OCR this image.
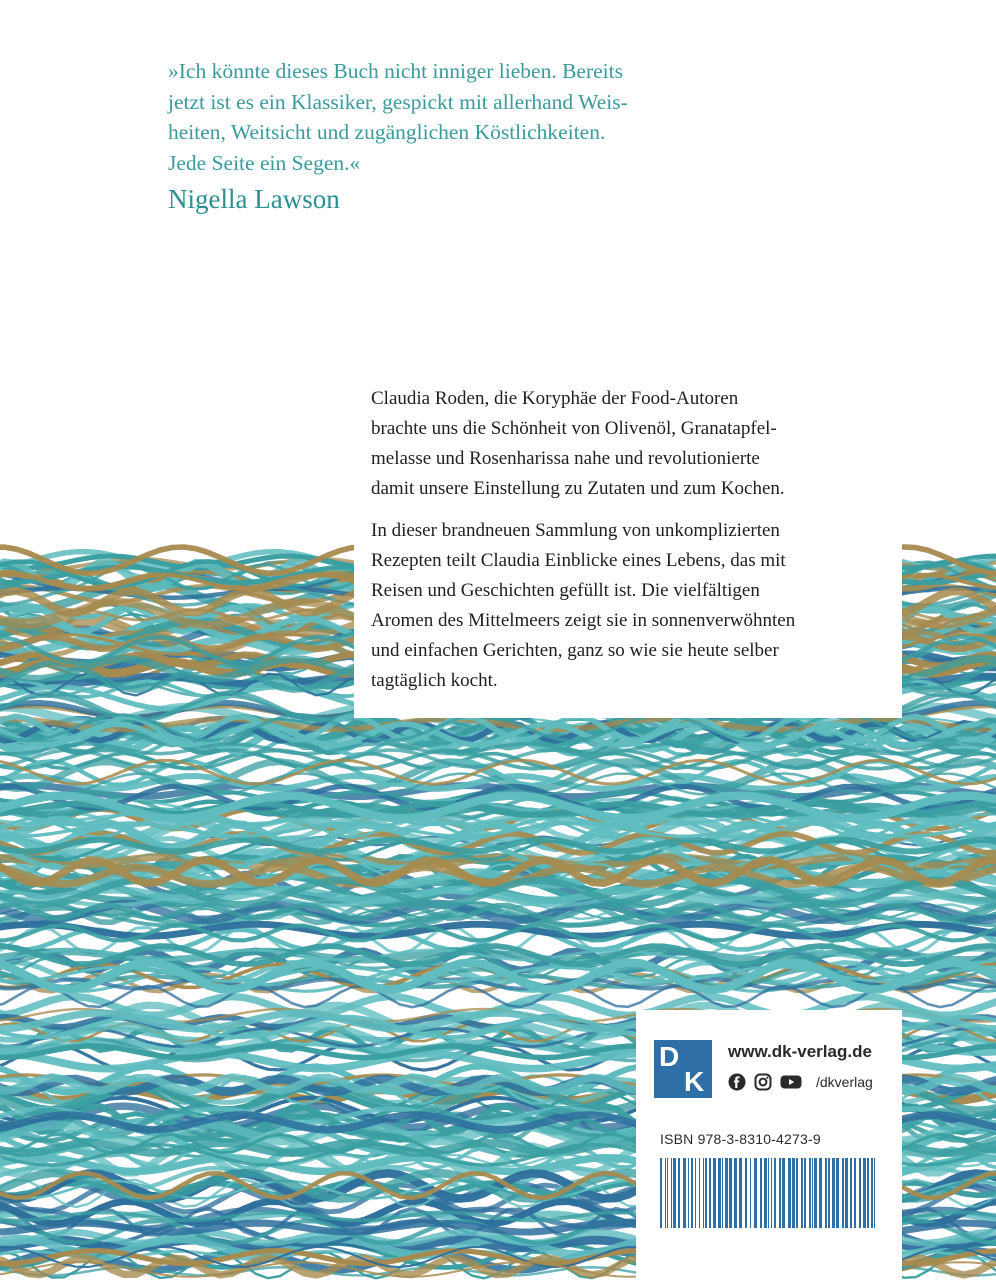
»Ich könnte dieses Buch nicht inniger lieben. Bereits
jetzt ist es ein Klassiker, gespickt mit allerhand Weis-
heiten, Weitsicht und zugänglichen Köstlichkeiten.
Jede Seite ein Segen.«
Nigella Lawson
Claudia Roden, die Koryphäe der Food-Autoren
brachte uns die Schönheit von Olivenöl, Granatapfel-
melasse und Rosenharissa nahe und revolutionierte
damit unsere Einstellung zu Zutaten und zum Kochen.
In dieser brandneuen Sammlung von unkomplizierten
Rezepten teilt Claudia Einblicke eines Lebens, das mit
Reisen und Geschichten gefüllt ist. Die vielfältigen
Aromen des Mittelmeers zeigt sie in sonnenverwöhnten
und einfachen Gerichten, ganz so wie sie heute selber
tagtäglich kocht.
D
K
www.dk-verlag.de
/dkverlag
ISBN 978-3-8310-4273-9
